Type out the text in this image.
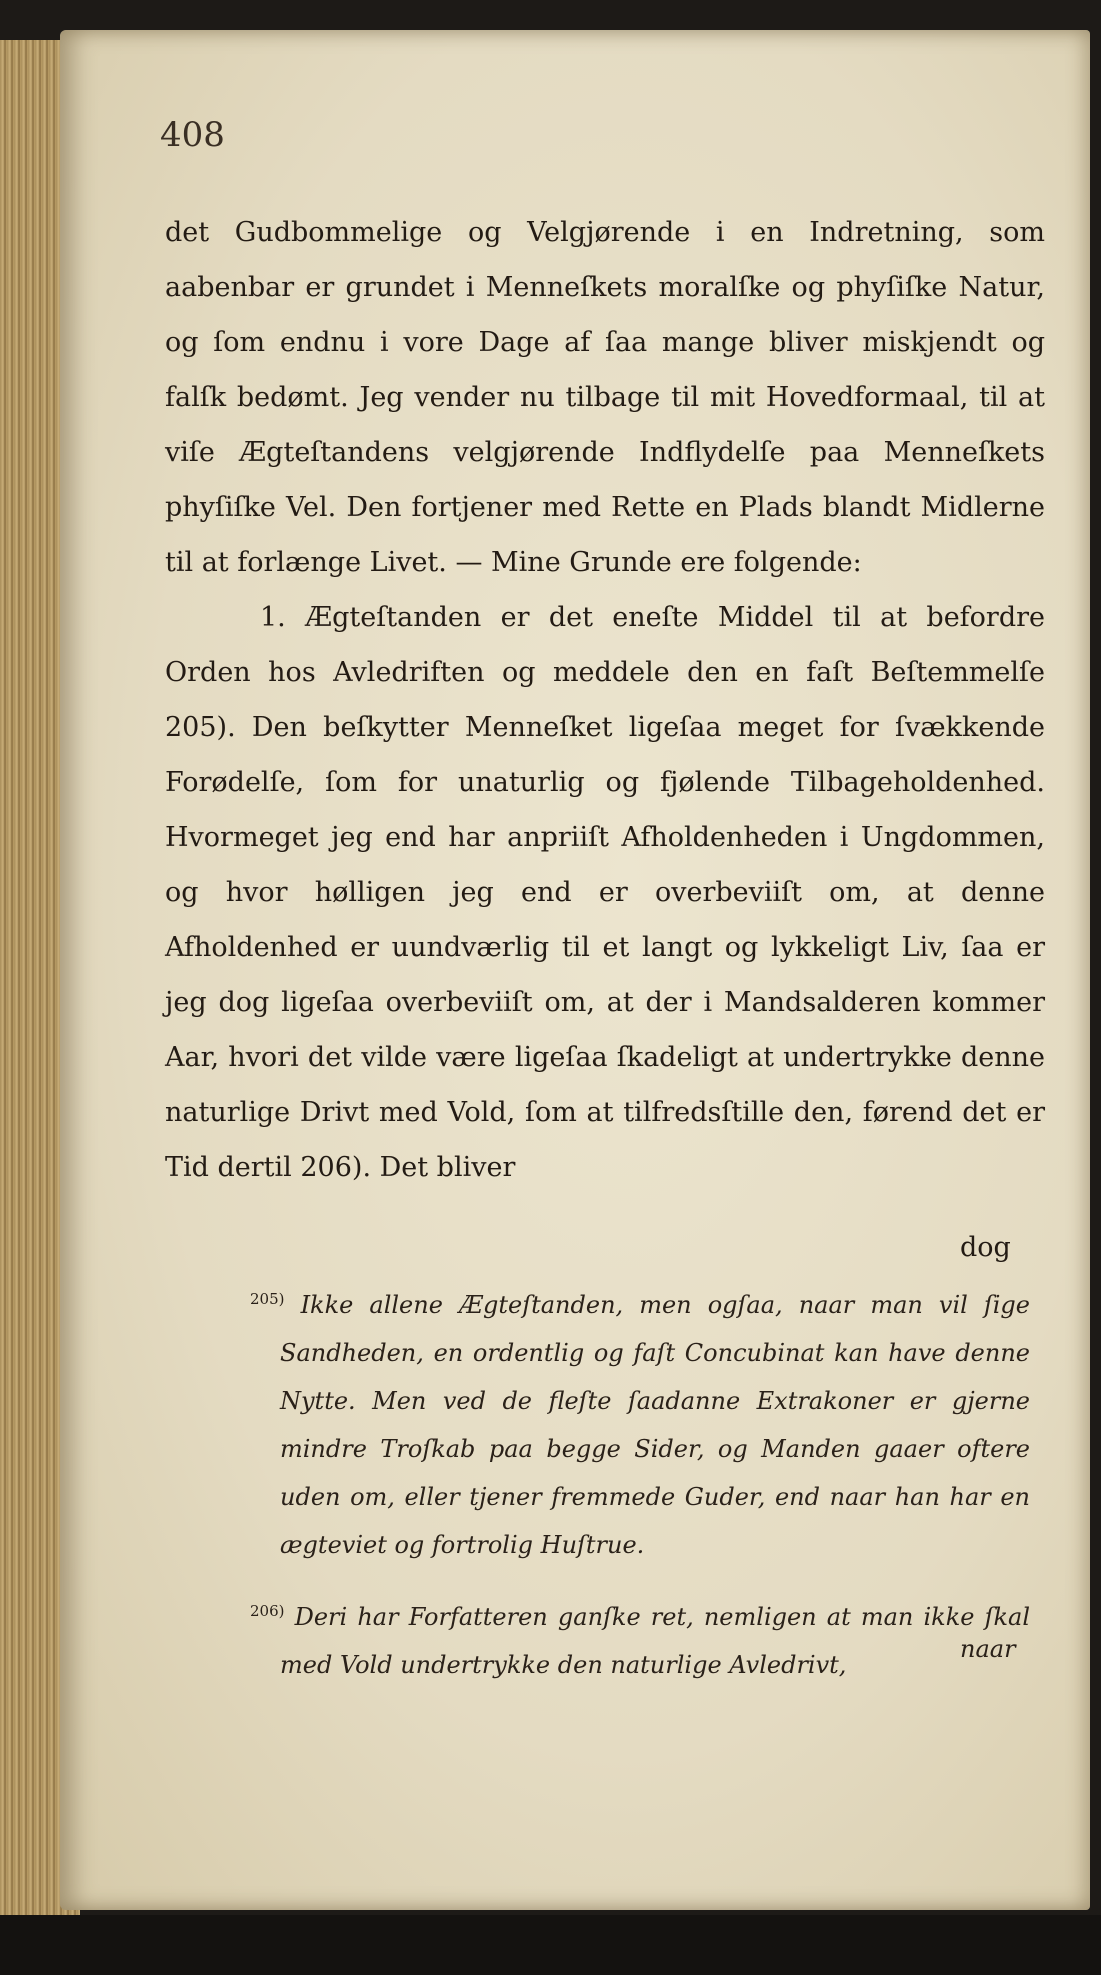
408
det Gudbommelige og Velgjørende i en Indretning, som aabenbar er grundet i Menneſkets moralſke og phyſiſke Natur, og ſom endnu i vore Dage af ſaa mange bliver miskjendt og falſk bedømt. Jeg vender nu tilbage til mit Hovedformaal, til at viſe Ægteſtandens velgjørende Indflydelſe paa Menneſkets phyſiſke Vel. Den fortjener med Rette en Plads blandt Midlerne til at forlænge Livet. — Mine Grunde ere folgende:
1. Ægteſtanden er det eneſte Middel til at befordre Orden hos Avledriften og meddele den en faſt Beſtemmelſe 205). Den beſkytter Menneſket ligeſaa meget for ſvækkende Forødelſe, ſom for unaturlig og fjølende Tilbageholdenhed. Hvormeget jeg end har anpriiſt Afholdenheden i Ungdommen, og hvor hølligen jeg end er overbeviiſt om, at denne Afholdenhed er uundværlig til et langt og lykkeligt Liv, ſaa er jeg dog ligeſaa overbeviiſt om, at der i Mandsalderen kommer Aar, hvori det vilde være ligeſaa ſkadeligt at undertrykke denne naturlige Drivt med Vold, ſom at tilfredsſtille den, førend det er Tid dertil 206). Det bliver
dog

$^{205)}$ Ikke allene Ægteſtanden, men ogſaa, naar man vil ſige Sandheden, en ordentlig og faſt Concubinat kan have denne Nytte. Men ved de fleſte ſaadanne Extrakoner er gjerne mindre Troſkab paa begge Sider, og Manden gaaer oftere uden om, eller tjener fremmede Guder, end naar han har en ægteviet og fortrolig Huſtrue.

$^{206)}$ Deri har Forfatteren ganſke ret, nemligen at man ikke ſkal med Vold undertrykke den naturlige Avledrivt,

naar
